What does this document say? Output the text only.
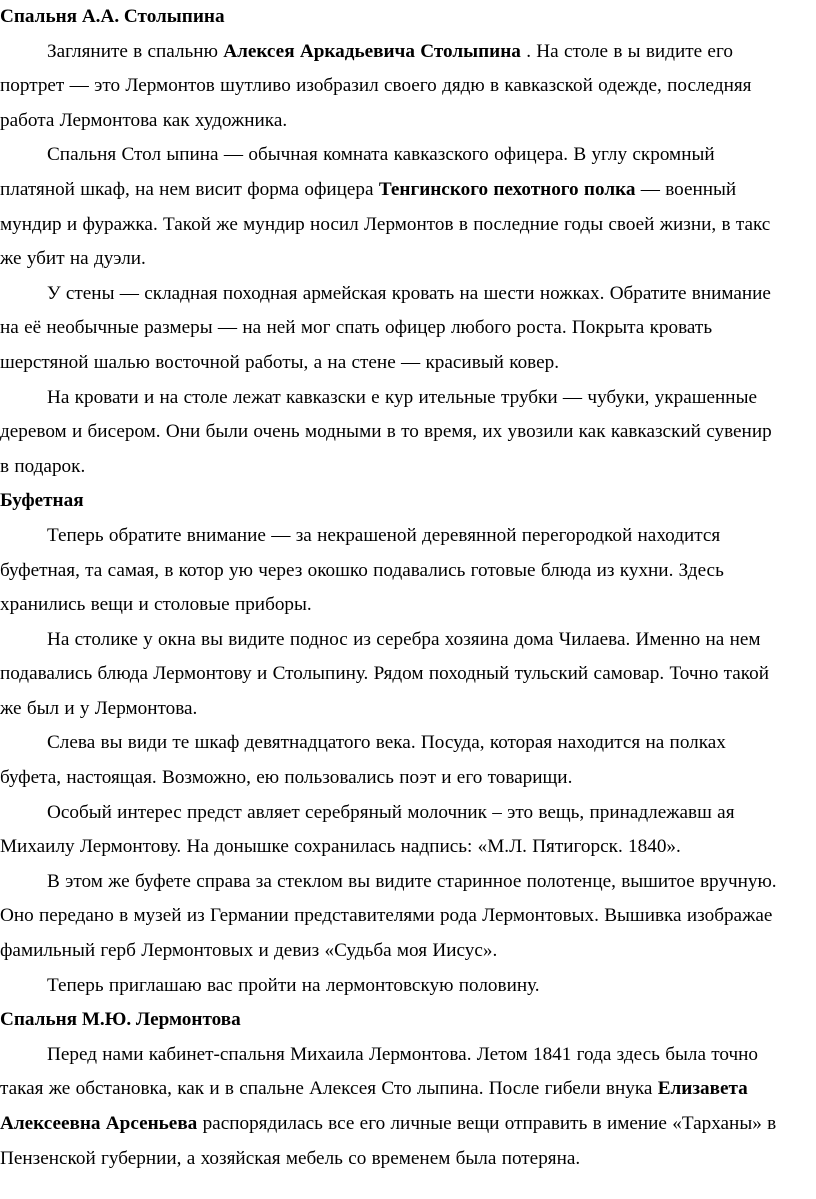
Спальня А.А. Столыпина
Загляните в спальню Алексея Аркадьевича Столыпина . На столе в ы видите его
портрет — это Лермонтов шутливо изобразил своего дядю в кавказской одежде, последняя
работа Лермонтова как художника.
Спальня Стол ыпина — обычная комната кавказского офицера. В углу скромный
платяной шкаф, на нем висит форма офицера Тенгинского пехотного полка — военный
мундир и фуражка. Такой же мундир носил Лермонтов в последние годы своей жизни, в такс
же убит на дуэли.
У стены — складная походная армейская кровать на шести ножках. Обратите внимание
на её необычные размеры — на ней мог спать офицер любого роста. Покрыта кровать
шерстяной шалью восточной работы, а на стене — красивый ковер.
На кровати и на столе лежат кавказски е кур ительные трубки — чубуки, украшенные
деревом и бисером. Они были очень модными в то время, их увозили как кавказский сувенир
в подарок.
Буфетная
Теперь обратите внимание — за некрашеной деревянной перегородкой находится
буфетная, та самая, в котор ую через окошко подавались готовые блюда из кухни. Здесь
хранились вещи и столовые приборы.
На столике у окна вы видите поднос из серебра хозяина дома Чилаева. Именно на нем
подавались блюда Лермонтову и Столыпину. Рядом походный тульский самовар. Точно такой
же был и у Лермонтова.
Слева вы види те шкаф девятнадцатого века. Посуда, которая находится на полках
буфета, настоящая. Возможно, ею пользовались поэт и его товарищи.
Особый интерес предст авляет серебряный молочник – это вещь, принадлежавш ая
Михаилу Лермонтову. На донышке сохранилась надпись: «М.Л. Пятигорск. 1840».
В этом же буфете справа за стеклом вы видите старинное полотенце, вышитое вручную.
Оно передано в музей из Германии представителями рода Лермонтовых. Вышивка изображае
фамильный герб Лермонтовых и девиз «Судьба моя Иисус».
Теперь приглашаю вас пройти на лермонтовскую половину.
Спальня М.Ю. Лермонтова
Перед нами кабинет-спальня Михаила Лермонтова. Летом 1841 года здесь была точно
такая же обстановка, как и в спальне Алексея Сто лыпина. После гибели внука Елизавета
Алексеевна Арсеньева распорядилась все его личные вещи отправить в имение «Тарханы» в
Пензенской губернии, а хозяйская мебель со временем была потеряна.
